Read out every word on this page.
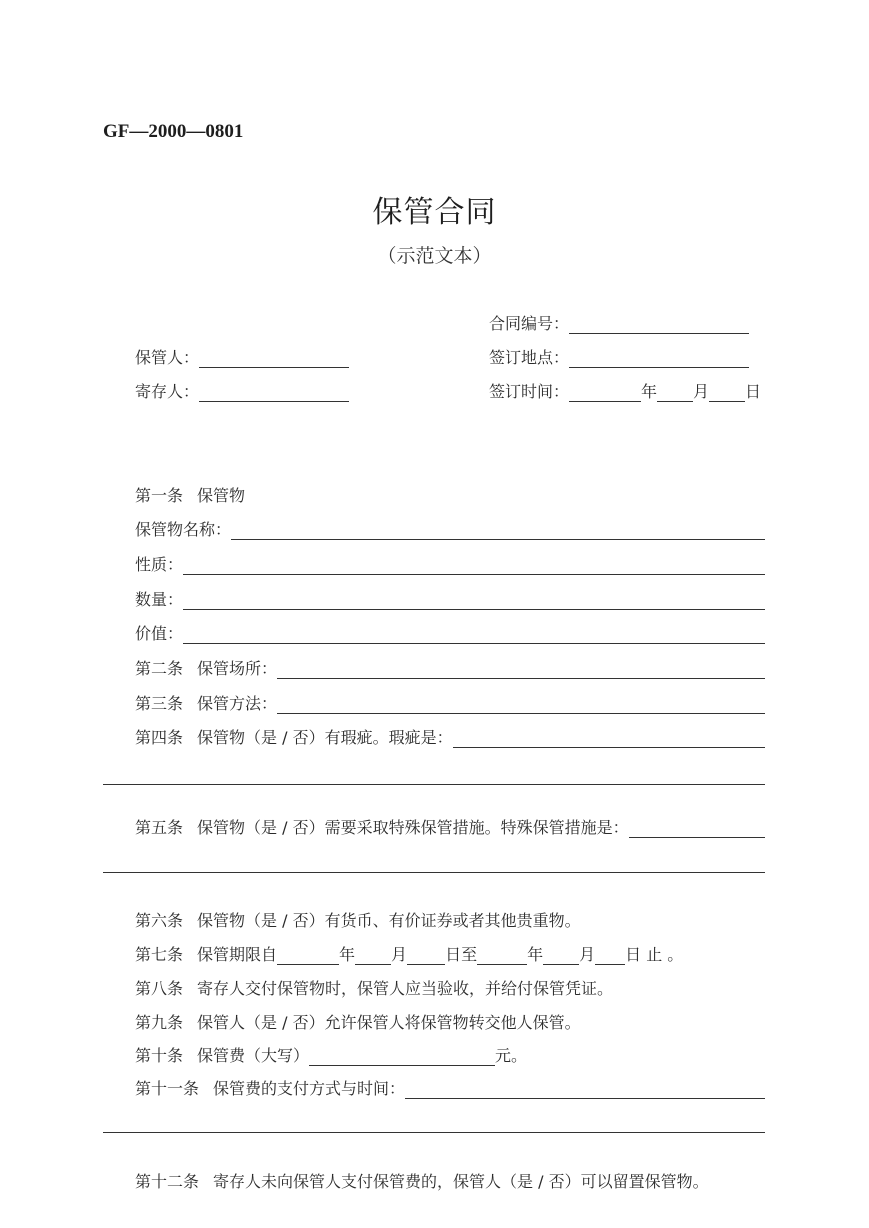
GF—2000—0801
保管合同
（示范文本）
合同编号：
保管人：	签订地点：
寄存人：	签订时间：	年 月 日
第一条 保管物
保管物名称：
性质：
数量：
价值：
第二条 保管场所：
第三条 保管方法：
第四条 保管物（是 / 否）有瑕疵。瑕疵是：
第五条 保管物（是 / 否）需要采取特殊保管措施。特殊保管措施是：
第六条 保管物（是 / 否）有货币、有价证券或者其他贵重物。
第七条 保管期限自	年 月 日至	年 月 日 止 。
第八条 寄存人交付保管物时，保管人应当验收，并给付保管凭证。
第九条 保管人（是 / 否）允许保管人将保管物转交他人保管。
第十条 保管费（大写）	元。
第十一条 保管费的支付方式与时间：
第十二条 寄存人未向保管人支付保管费的，保管人（是 / 否）可以留置保管物。
